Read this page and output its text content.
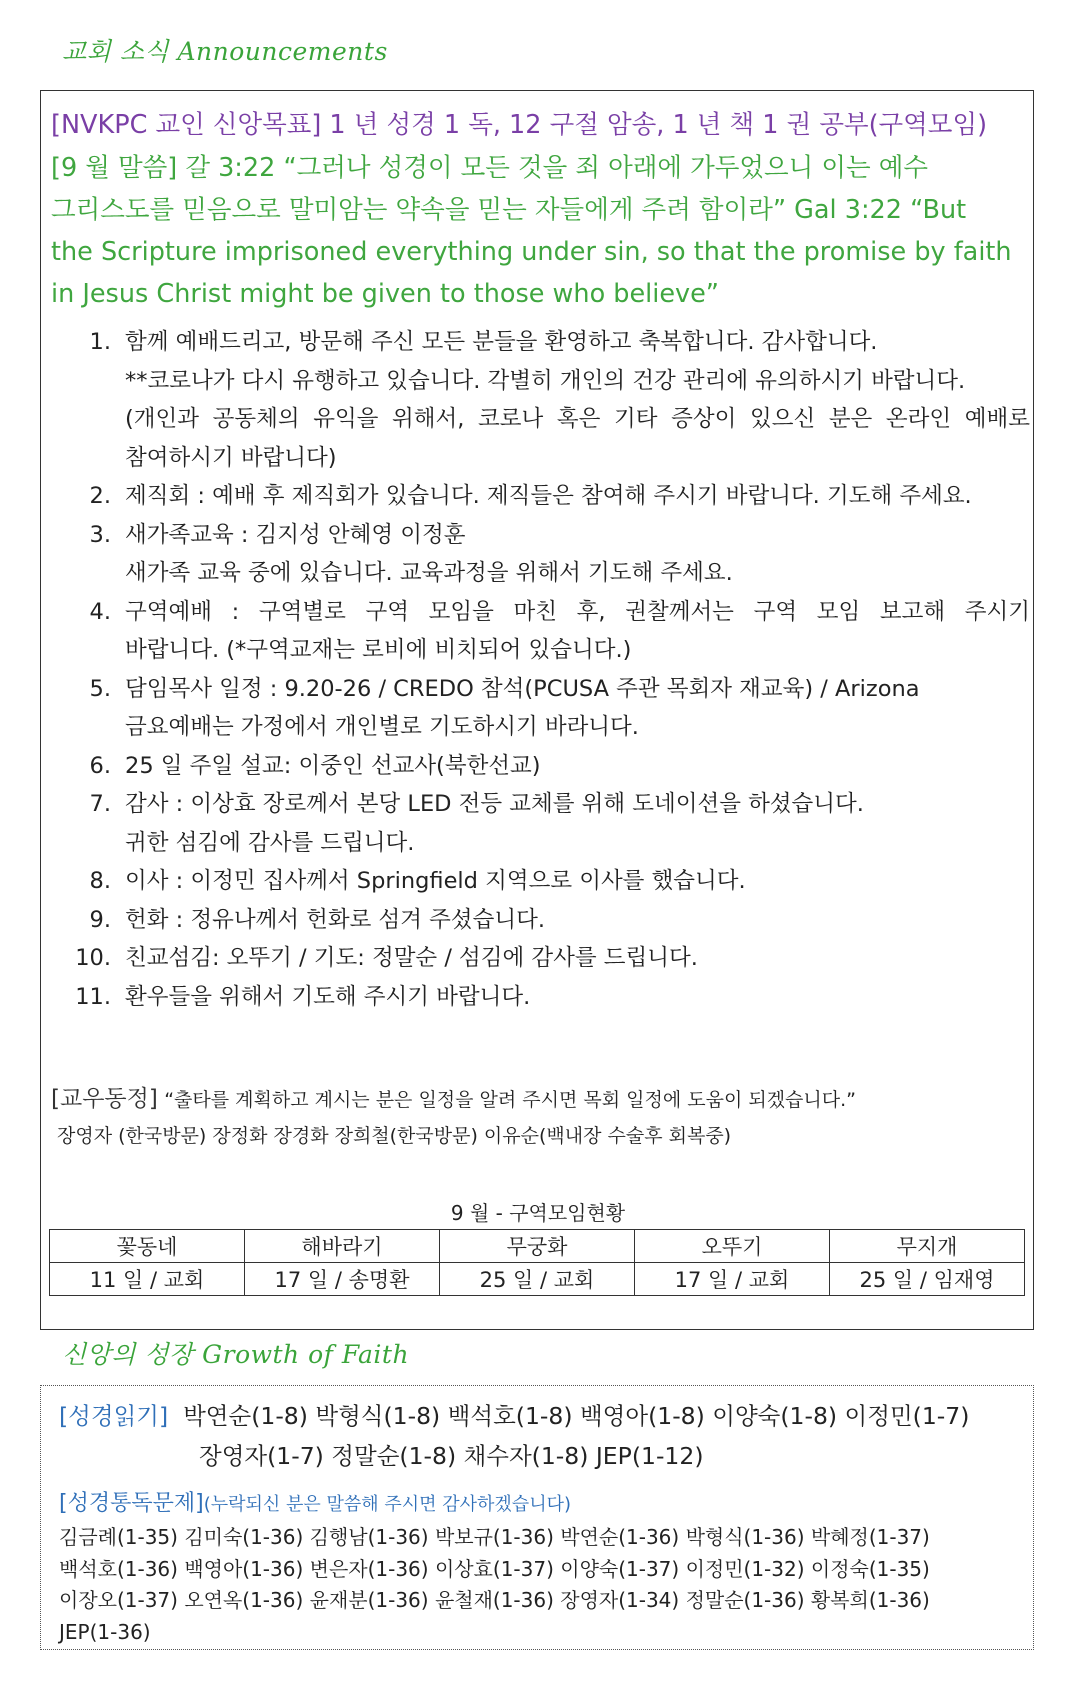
교회 소식 Announcements
[NVKPC 교인 신앙목표] 1 년 성경 1 독, 12 구절 암송, 1 년 책 1 권 공부(구역모임)
[9 월 말씀] 갈 3:22 “그러나 성경이 모든 것을 죄 아래에 가두었으니 이는 예수
그리스도를 믿음으로 말미암는 약속을 믿는 자들에게 주려 함이라” Gal 3:22 “But
the Scripture imprisoned everything under sin, so that the promise by faith
in Jesus Christ might be given to those who believe”
1. 함께 예배드리고, 방문해 주신 모든 분들을 환영하고 축복합니다. 감사합니다.
**코로나가 다시 유행하고 있습니다. 각별히 개인의 건강 관리에 유의하시기 바랍니다.
(개인과 공동체의 유익을 위해서, 코로나 혹은 기타 증상이 있으신 분은 온라인 예배로
참여하시기 바랍니다)
2. 제직회 : 예배 후 제직회가 있습니다. 제직들은 참여해 주시기 바랍니다. 기도해 주세요.
3. 새가족교육 : 김지성 안혜영 이정훈
새가족 교육 중에 있습니다. 교육과정을 위해서 기도해 주세요.
4. 구역예배 : 구역별로 구역 모임을 마친 후, 권찰께서는 구역 모임 보고해 주시기
바랍니다. (*구역교재는 로비에 비치되어 있습니다.)
5. 담임목사 일정 : 9.20-26 / CREDO 참석(PCUSA 주관 목회자 재교육) / Arizona
금요예배는 가정에서 개인별로 기도하시기 바라니다.
6. 25 일 주일 설교: 이중인 선교사(북한선교)
7. 감사 : 이상효 장로께서 본당 LED 전등 교체를 위해 도네이션을 하셨습니다.
귀한 섬김에 감사를 드립니다.
8. 이사 : 이정민 집사께서 Springfield 지역으로 이사를 했습니다.
9. 헌화 : 정유나께서 헌화로 섬겨 주셨습니다.
10. 친교섬김: 오뚜기 / 기도: 정말순 / 섬김에 감사를 드립니다.
11. 환우들을 위해서 기도해 주시기 바랍니다.
[교우동정] “출타를 계획하고 계시는 분은 일정을 알려 주시면 목회 일정에 도움이 되겠습니다.”
장영자 (한국방문) 장정화 장경화 장희철(한국방문) 이유순(백내장 수술후 회복중)
9 월 - 구역모임현황
꽃동네	해바라기	무궁화	오뚜기	무지개
11 일 / 교회	17 일 / 송명환	25 일 / 교회	17 일 / 교회	25 일 / 임재영
신앙의 성장 Growth of Faith
[성경읽기] 박연순(1-8) 박형식(1-8) 백석호(1-8) 백영아(1-8) 이양숙(1-8) 이정민(1-7)
장영자(1-7) 정말순(1-8) 채수자(1-8) JEP(1-12)
[성경통독문제](누락되신 분은 말씀해 주시면 감사하겠습니다)
김금례(1-35) 김미숙(1-36) 김행남(1-36) 박보규(1-36) 박연순(1-36) 박형식(1-36) 박혜정(1-37)
백석호(1-36) 백영아(1-36) 변은자(1-36) 이상효(1-37) 이양숙(1-37) 이정민(1-32) 이정숙(1-35)
이장오(1-37) 오연옥(1-36) 윤재분(1-36) 윤철재(1-36) 장영자(1-34) 정말순(1-36) 황복희(1-36)
JEP(1-36)
